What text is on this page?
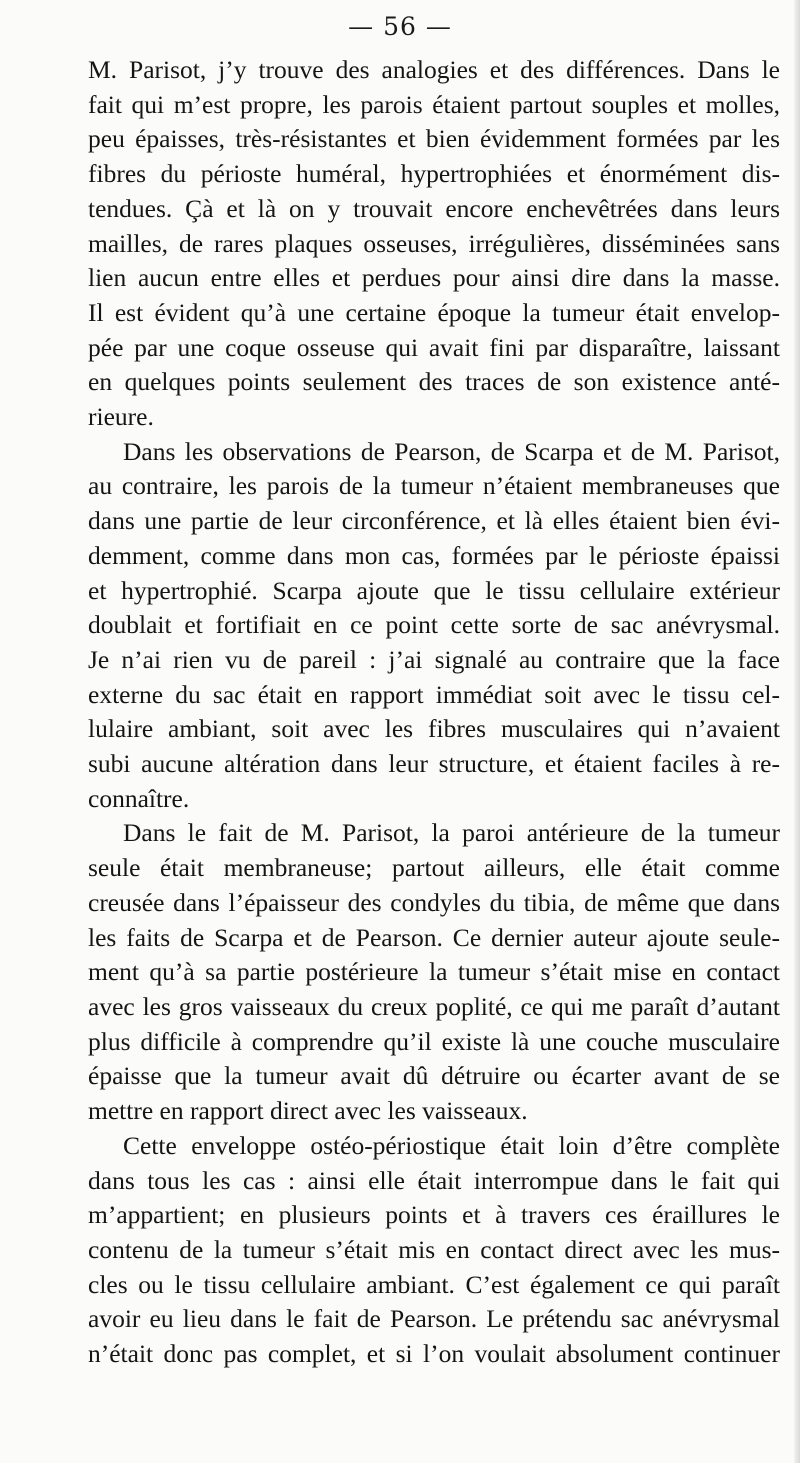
— 56 —
M. Parisot, j’y trouve des analogies et des différences. Dans le
fait qui m’est propre, les parois étaient partout souples et molles,
peu épaisses, très-résistantes et bien évidemment formées par les
fibres du périoste huméral, hypertrophiées et énormément dis-
tendues. Çà et là on y trouvait encore enchevêtrées dans leurs
mailles, de rares plaques osseuses, irrégulières, disséminées sans
lien aucun entre elles et perdues pour ainsi dire dans la masse.
Il est évident qu’à une certaine époque la tumeur était envelop-
pée par une coque osseuse qui avait fini par disparaître, laissant
en quelques points seulement des traces de son existence anté-
rieure.
Dans les observations de Pearson, de Scarpa et de M. Parisot,
au contraire, les parois de la tumeur n’étaient membraneuses que
dans une partie de leur circonférence, et là elles étaient bien évi-
demment, comme dans mon cas, formées par le périoste épaissi
et hypertrophié. Scarpa ajoute que le tissu cellulaire extérieur
doublait et fortifiait en ce point cette sorte de sac anévrysmal.
Je n’ai rien vu de pareil : j’ai signalé au contraire que la face
externe du sac était en rapport immédiat soit avec le tissu cel-
lulaire ambiant, soit avec les fibres musculaires qui n’avaient
subi aucune altération dans leur structure, et étaient faciles à re-
connaître.
Dans le fait de M. Parisot, la paroi antérieure de la tumeur
seule était membraneuse; partout ailleurs, elle était comme
creusée dans l’épaisseur des condyles du tibia, de même que dans
les faits de Scarpa et de Pearson. Ce dernier auteur ajoute seule-
ment qu’à sa partie postérieure la tumeur s’était mise en contact
avec les gros vaisseaux du creux poplité, ce qui me paraît d’autant
plus difficile à comprendre qu’il existe là une couche musculaire
épaisse que la tumeur avait dû détruire ou écarter avant de se
mettre en rapport direct avec les vaisseaux.
Cette enveloppe ostéo-périostique était loin d’être complète
dans tous les cas : ainsi elle était interrompue dans le fait qui
m’appartient; en plusieurs points et à travers ces éraillures le
contenu de la tumeur s’était mis en contact direct avec les mus-
cles ou le tissu cellulaire ambiant. C’est également ce qui paraît
avoir eu lieu dans le fait de Pearson. Le prétendu sac anévrysmal
n’était donc pas complet, et si l’on voulait absolument continuer
